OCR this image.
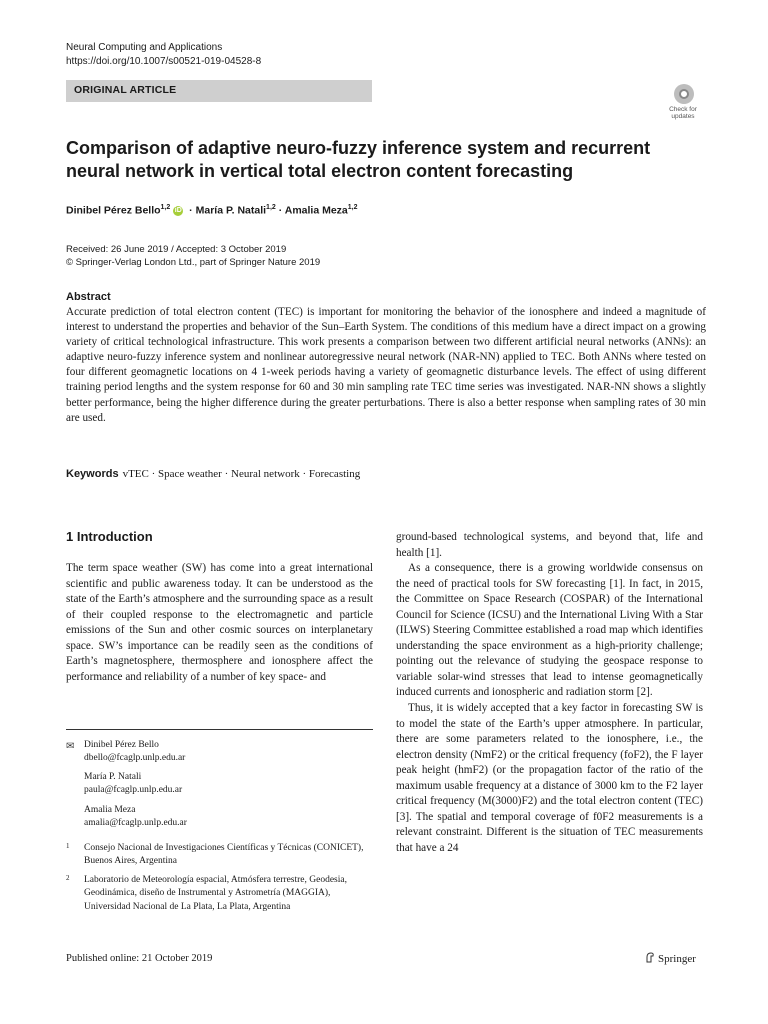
Neural Computing and Applications
https://doi.org/10.1007/s00521-019-04528-8
ORIGINAL ARTICLE
Check for updates
Comparison of adaptive neuro-fuzzy inference system and recurrent neural network in vertical total electron content forecasting
Dinibel Pérez Bello$^{1,2}$ iD · María P. Natali$^{1,2}$ · Amalia Meza$^{1,2}$
Received: 26 June 2019 / Accepted: 3 October 2019
© Springer-Verlag London Ltd., part of Springer Nature 2019
Abstract
Accurate prediction of total electron content (TEC) is important for monitoring the behavior of the ionosphere and indeed a magnitude of interest to understand the properties and behavior of the Sun–Earth System. The conditions of this medium have a direct impact on a growing variety of critical technological infrastructure. This work presents a comparison between two different artificial neural networks (ANNs): an adaptive neuro-fuzzy inference system and nonlinear autoregressive neural network (NAR-NN) applied to TEC. Both ANNs where tested on four different geomagnetic locations on 4 1-week periods having a variety of geomagnetic disturbance levels. The effect of using different training period lengths and the system response for 60 and 30 min sampling rate TEC time series was investigated. NAR-NN shows a slightly better performance, being the higher difference during the greater perturbations. There is also a better response when sampling rates of 30 min are used.
Keywords vTEC · Space weather · Neural network · Forecasting
1 Introduction
The term space weather (SW) has come into a great international scientific and public awareness today. It can be understood as the state of the Earth’s atmosphere and the surrounding space as a result of their coupled response to the electromagnetic and particle emissions of the Sun and other cosmic sources on interplanetary space. SW’s importance can be readily seen as the conditions of Earth’s magnetosphere, thermosphere and ionosphere affect the performance and reliability of a number of key space- and
ground-based technological systems, and beyond that, life and health [1].
As a consequence, there is a growing worldwide consensus on the need of practical tools for SW forecasting [1]. In fact, in 2015, the Committee on Space Research (COSPAR) of the International Council for Science (ICSU) and the International Living With a Star (ILWS) Steering Committee established a road map which identifies understanding the space environment as a high-priority challenge; pointing out the relevance of studying the geospace response to variable solar-wind stresses that lead to intense geomagnetically induced currents and ionospheric and radiation storm [2].
Thus, it is widely accepted that a key factor in forecasting SW is to model the state of the Earth’s upper atmosphere. In particular, there are some parameters related to the ionosphere, i.e., the electron density (NmF2) or the critical frequency (foF2), the F layer peak height (hmF2) (or the propagation factor of the ratio of the maximum usable frequency at a distance of 3000 km to the F2 layer critical frequency (M(3000)F2) and the total electron content (TEC) [3]. The spatial and temporal coverage of f0F2 measurements is a relevant constraint. Different is the situation of TEC measurements that have a 24
✉ Dinibel Pérez Bello
dbello@fcaglp.unlp.edu.ar
María P. Natali
paula@fcaglp.unlp.edu.ar
Amalia Meza
amalia@fcaglp.unlp.edu.ar
1 Consejo Nacional de Investigaciones Científicas y Técnicas (CONICET), Buenos Aires, Argentina
2 Laboratorio de Meteorología espacial, Atmósfera terrestre, Geodesia, Geodinámica, diseño de Instrumental y Astrometría (MAGGIA), Universidad Nacional de La Plata, La Plata, Argentina
Published online: 21 October 2019	Springer
